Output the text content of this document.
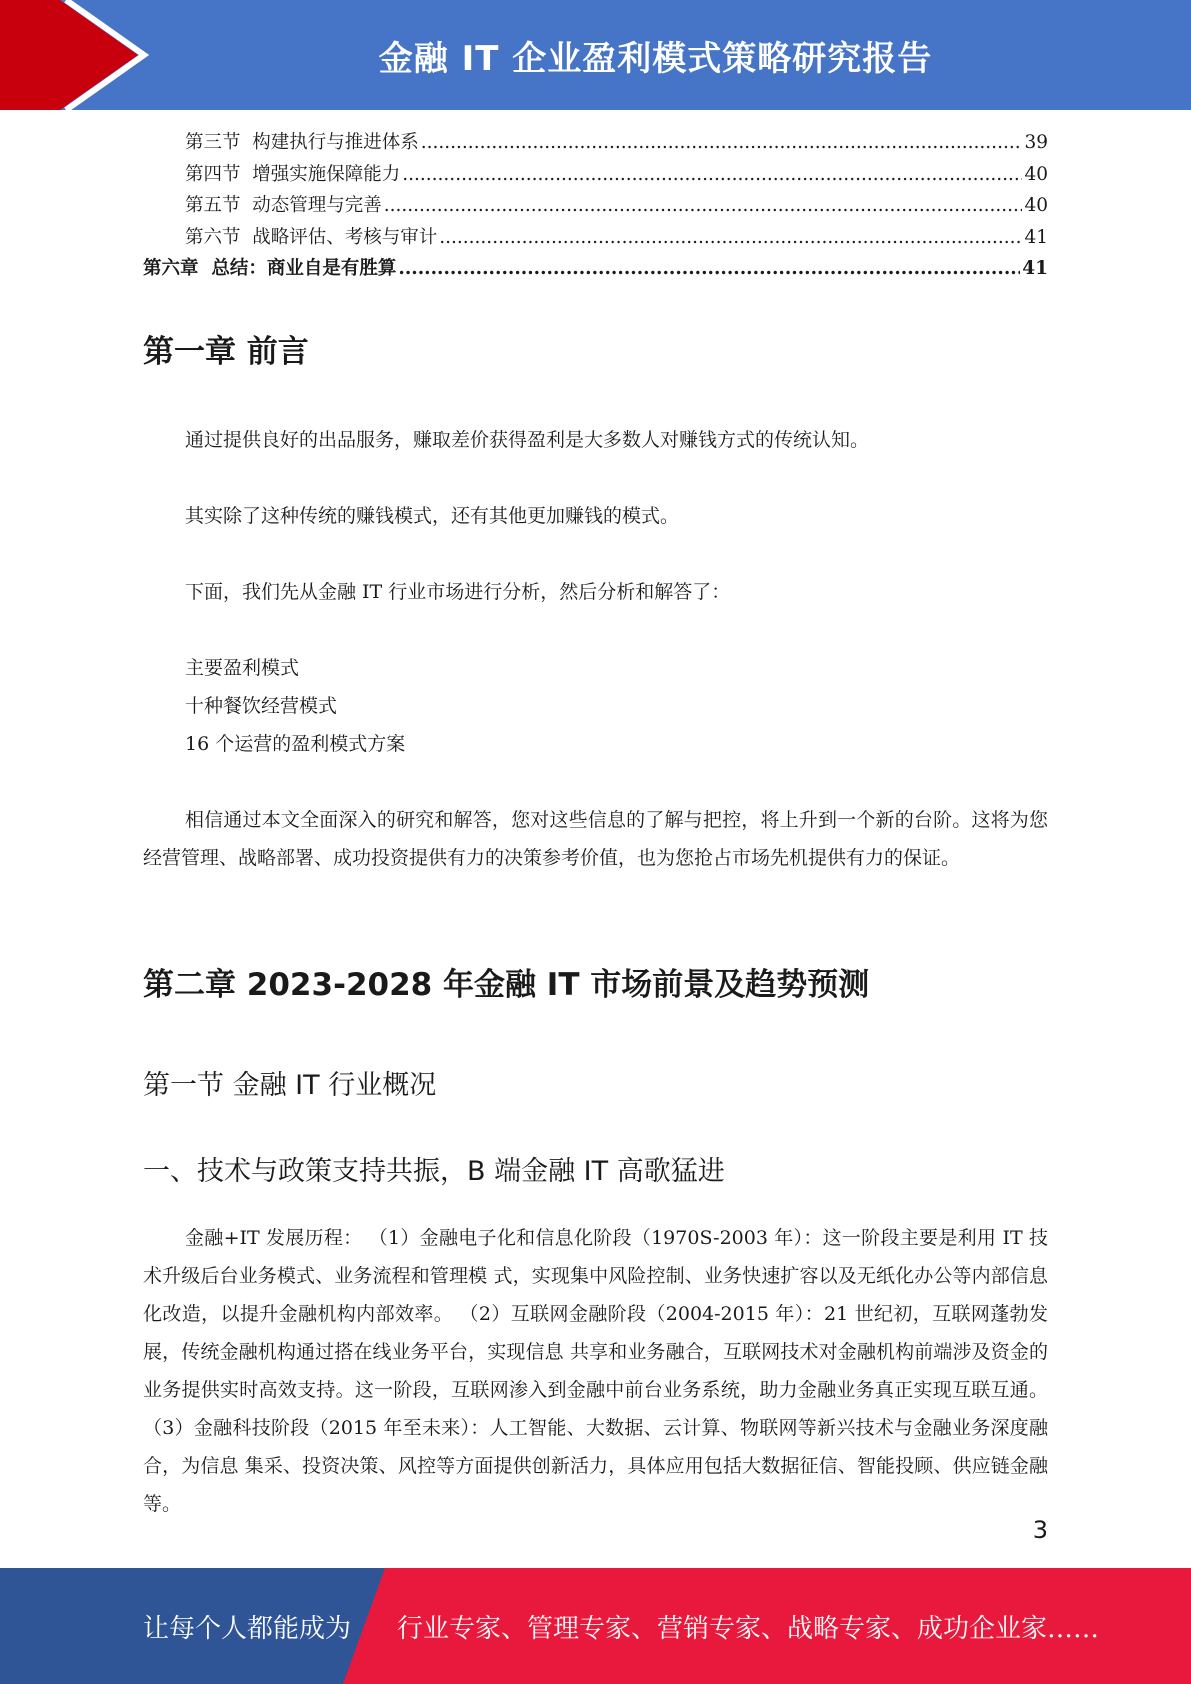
金融 IT 企业盈利模式策略研究报告
第三节  构建执行与推进体系 .....	39
第四节  增强实施保障能力 .....	40
第五节  动态管理与完善 .....	40
第六节  战略评估、考核与审计 .....	41
第六章  总结：商业自是有胜算 .....	41
第一章 前言

通过提供良好的出品服务，赚取差价获得盈利是大多数人对赚钱方式的传统认知。

其实除了这种传统的赚钱模式，还有其他更加赚钱的模式。

下面，我们先从金融 IT 行业市场进行分析，然后分析和解答了：

主要盈利模式
十种餐饮经营模式
16 个运营的盈利模式方案

相信通过本文全面深入的研究和解答，您对这些信息的了解与把控，将上升到一个新的台阶。这将为您经营管理、战略部署、成功投资提供有力的决策参考价值，也为您抢占市场先机提供有力的保证。

第二章 2023-2028 年金融 IT 市场前景及趋势预测
第一节 金融 IT 行业概况
一、技术与政策支持共振，B 端金融 IT 高歌猛进

金融+IT 发展历程： （1）金融电子化和信息化阶段（1970S-2003 年）：这一阶段主要是利用 IT 技术升级后台业务模式、业务流程和管理模 式，实现集中风险控制、业务快速扩容以及无纸化办公等内部信息化改造，以提升金融机构内部效率。 （2）互联网金融阶段（2004-2015 年）：21 世纪初，互联网蓬勃发展，传统金融机构通过搭在线业务平台，实现信息 共享和业务融合，互联网技术对金融机构前端涉及资金的业务提供实时高效支持。这一阶段，互联网渗入到金融中前台业务系统，助力金融业务真正实现互联互通。 （3）金融科技阶段（2015 年至未来）：人工智能、大数据、云计算、物联网等新兴技术与金融业务深度融合，为信息 集采、投资决策、风控等方面提供创新活力，具体应用包括大数据征信、智能投顾、供应链金融等。

3
让每个人都能成为 行业专家、管理专家、营销专家、战略专家、成功企业家……
